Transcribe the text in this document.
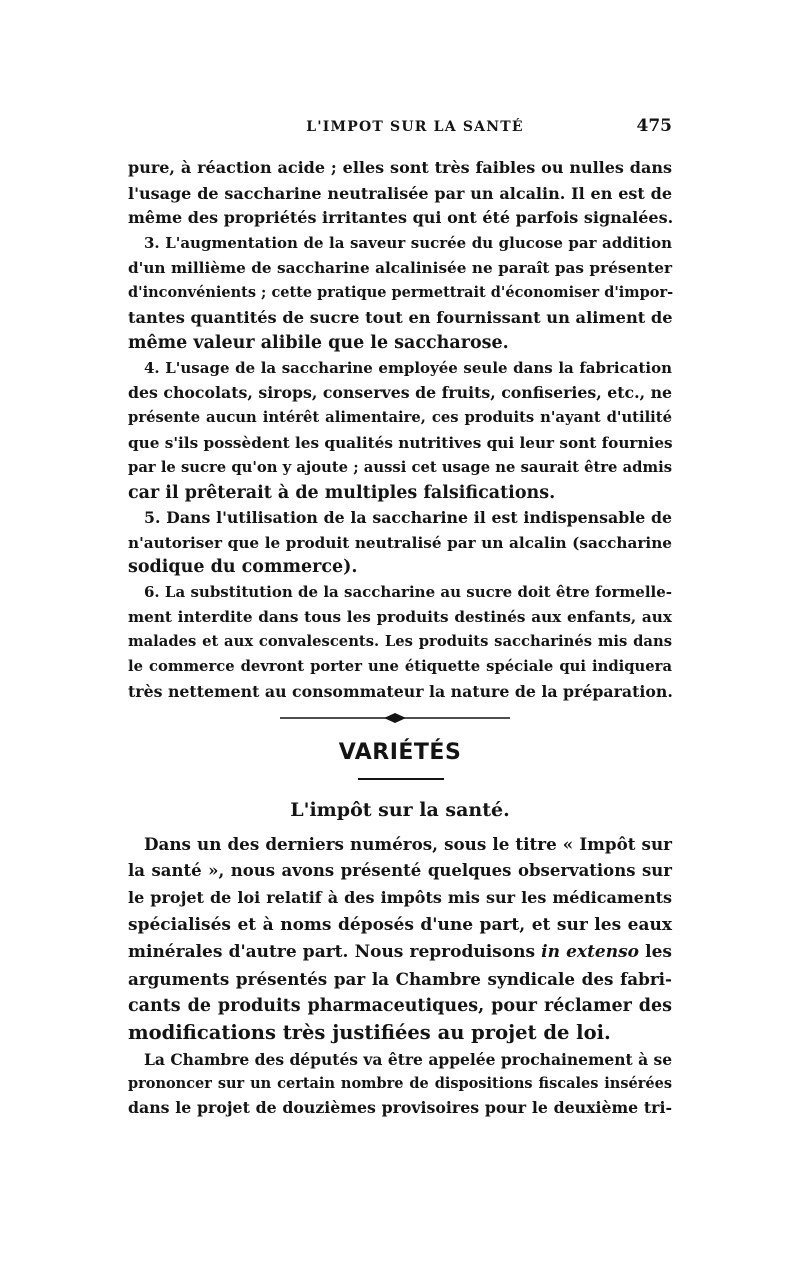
L'IMPOT SUR LA SANTÉ	475
pure, à réaction acide ; elles sont très faibles ou nulles dans
l'usage de saccharine neutralisée par un alcalin. Il en est de
même des propriétés irritantes qui ont été parfois signalées.
3. L'augmentation de la saveur sucrée du glucose par addition
d'un millième de saccharine alcalinisée ne paraît pas présenter
d'inconvénients ; cette pratique permettrait d'économiser d'impor-
tantes quantités de sucre tout en fournissant un aliment de
même valeur alibile que le saccharose.
4. L'usage de la saccharine employée seule dans la fabrication
des chocolats, sirops, conserves de fruits, confiseries, etc., ne
présente aucun intérêt alimentaire, ces produits n'ayant d'utilité
que s'ils possèdent les qualités nutritives qui leur sont fournies
par le sucre qu'on y ajoute ; aussi cet usage ne saurait être admis
car il prêterait à de multiples falsifications.
5. Dans l'utilisation de la saccharine il est indispensable de
n'autoriser que le produit neutralisé par un alcalin (saccharine
sodique du commerce).
6. La substitution de la saccharine au sucre doit être formelle-
ment interdite dans tous les produits destinés aux enfants, aux
malades et aux convalescents. Les produits saccharinés mis dans
le commerce devront porter une étiquette spéciale qui indiquera
très nettement au consommateur la nature de la préparation.
VARIÉTÉS
L'impôt sur la santé.
Dans un des derniers numéros, sous le titre « Impôt sur
la santé », nous avons présenté quelques observations sur
le projet de loi relatif à des impôts mis sur les médicaments
spécialisés et à noms déposés d'une part, et sur les eaux
minérales d'autre part. Nous reproduisons in extenso les
arguments présentés par la Chambre syndicale des fabri-
cants de produits pharmaceutiques, pour réclamer des
modifications très justifiées au projet de loi.
La Chambre des députés va être appelée prochainement à se
prononcer sur un certain nombre de dispositions fiscales insérées
dans le projet de douzièmes provisoires pour le deuxième tri-
